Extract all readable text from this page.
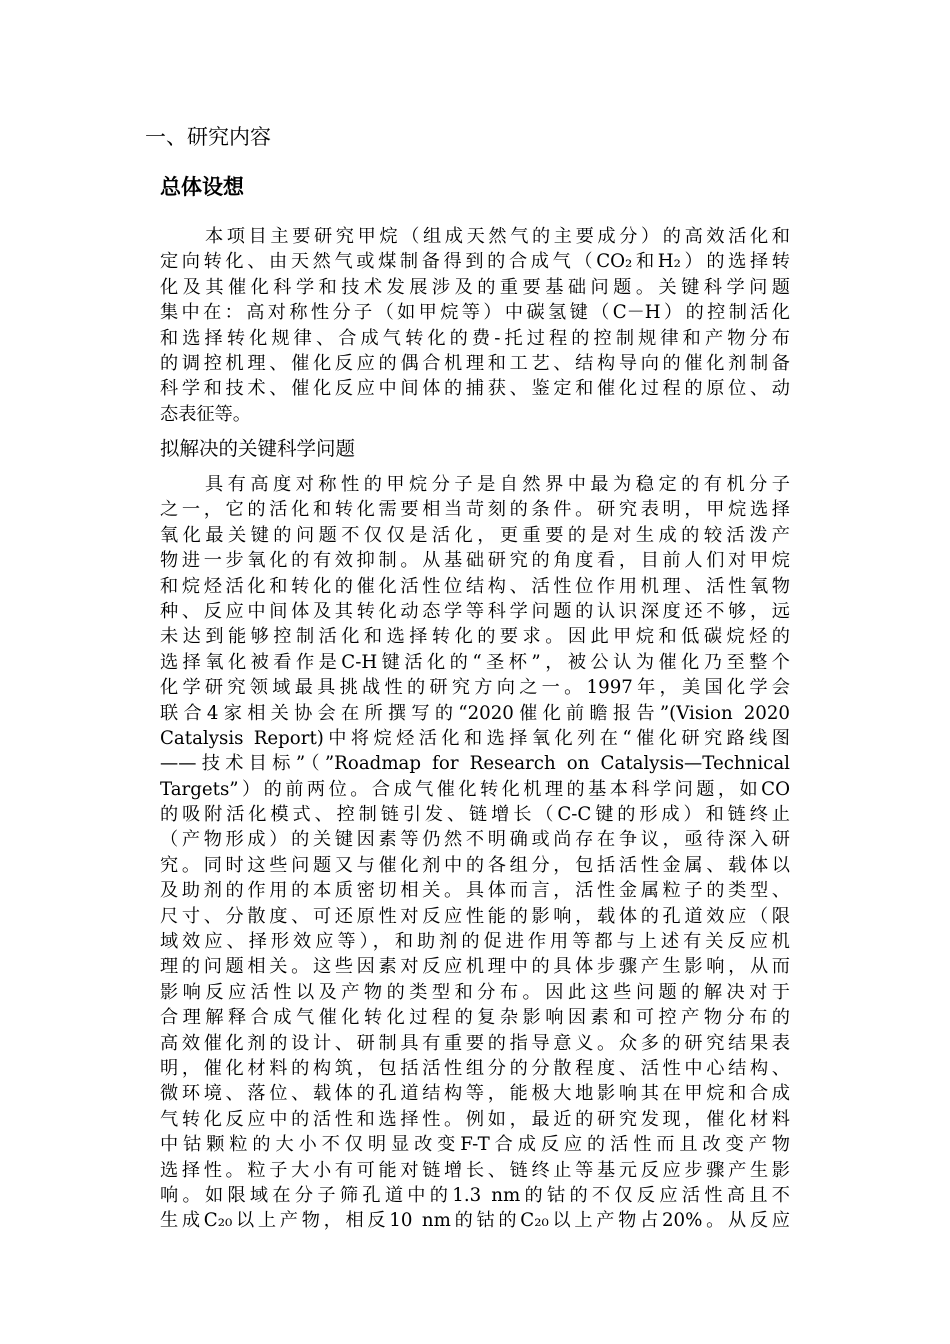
一、研究内容
总体设想
本项目主要研究甲烷（组成天然气的主要成分）的高效活化和
定向转化、由天然气或煤制备得到的合成气（CO₂和H₂）的选择转
化及其催化科学和技术发展涉及的重要基础问题。关键科学问题
集中在：高对称性分子（如甲烷等）中碳氢键（C－H）的控制活化
和选择转化规律、合成气转化的费-托过程的控制规律和产物分布
的调控机理、催化反应的偶合机理和工艺、结构导向的催化剂制备
科学和技术、催化反应中间体的捕获、鉴定和催化过程的原位、动
态表征等。
拟解决的关键科学问题
具有高度对称性的甲烷分子是自然界中最为稳定的有机分子
之一，它的活化和转化需要相当苛刻的条件。研究表明，甲烷选择
氧化最关键的问题不仅仅是活化，更重要的是对生成的较活泼产
物进一步氧化的有效抑制。从基础研究的角度看，目前人们对甲烷
和烷烃活化和转化的催化活性位结构、活性位作用机理、活性氧物
种、反应中间体及其转化动态学等科学问题的认识深度还不够，远
未达到能够控制活化和选择转化的要求。因此甲烷和低碳烷烃的
选择氧化被看作是C-H键活化的“圣杯”，被公认为催化乃至整个
化学研究领域最具挑战性的研究方向之一。1997年，美国化学会
联合4家相关协会在所撰写的“2020催化前瞻报告”(Vision 2020
Catalysis Report)中将烷烃活化和选择氧化列在“催化研究路线图
——技术目标”（”Roadmap for Research on Catalysis—Technical
Targets”）的前两位。合成气催化转化机理的基本科学问题，如CO
的吸附活化模式、控制链引发、链增长（C-C键的形成）和链终止
（产物形成）的关键因素等仍然不明确或尚存在争议，亟待深入研
究。同时这些问题又与催化剂中的各组分，包括活性金属、载体以
及助剂的作用的本质密切相关。具体而言，活性金属粒子的类型、
尺寸、分散度、可还原性对反应性能的影响，载体的孔道效应（限
域效应、择形效应等），和助剂的促进作用等都与上述有关反应机
理的问题相关。这些因素对反应机理中的具体步骤产生影响，从而
影响反应活性以及产物的类型和分布。因此这些问题的解决对于
合理解释合成气催化转化过程的复杂影响因素和可控产物分布的
高效催化剂的设计、研制具有重要的指导意义。众多的研究结果表
明，催化材料的构筑，包括活性组分的分散程度、活性中心结构、
微环境、落位、载体的孔道结构等，能极大地影响其在甲烷和合成
气转化反应中的活性和选择性。例如，最近的研究发现，催化材料
中钴颗粒的大小不仅明显改变F-T合成反应的活性而且改变产物
选择性。粒子大小有可能对链增长、链终止等基元反应步骤产生影
响。如限域在分子筛孔道中的1.3 nm的钴的不仅反应活性高且不
生成C₂₀以上产物，相反10 nm的钴的C₂₀以上产物占20%。从反应
